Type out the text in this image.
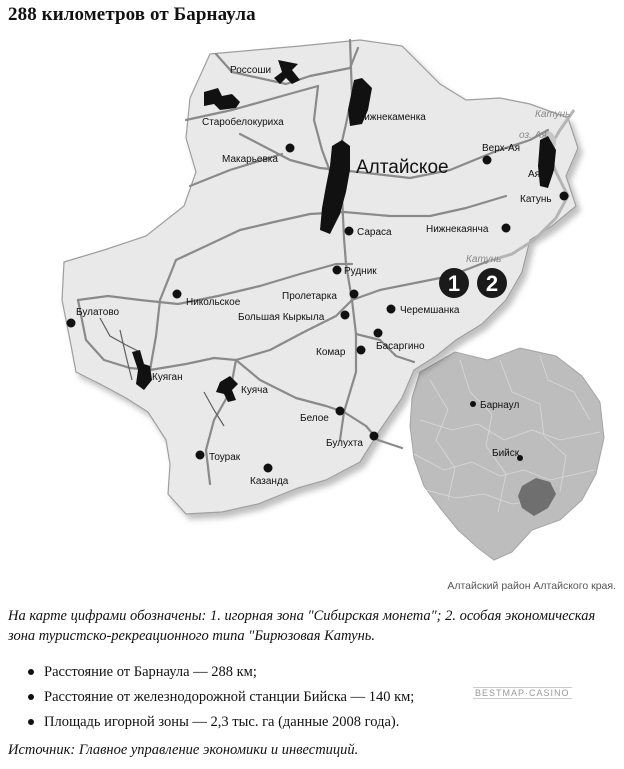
288 километров от Барнаула
1 2
Россоши
Старобелокуриха	Нижнекаменка
Макарьевка	Алтайское
Верх-Ая
Ая
Катунь
Сараса	Нижнекаянча
Рудник
Пролетарка
Булатово
Никольское
Большая Кыркыла
Черемшанка
Басаргино
Комар
Куяган
Куяча
Белое
Булухта
Тоурак
Казанда
Барнаул
Бийск
Катунь
оз. Ая
Катунь

Алтайский район Алтайского края.

На карте цифрами обозначены: 1. игорная зона "Сибирская монета"; 2. особая экономическая зона туристско-рекреационного типа "Бирюзовая Катунь.

Расстояние от Барнаула — 288 км;
Расстояние от железнодорожной станции Бийска — 140 км;
Площадь игорной зоны — 2,3 тыс. га (данные 2008 года).

BESTMAP·CASINO

Источник: Главное управление экономики и инвестиций.
